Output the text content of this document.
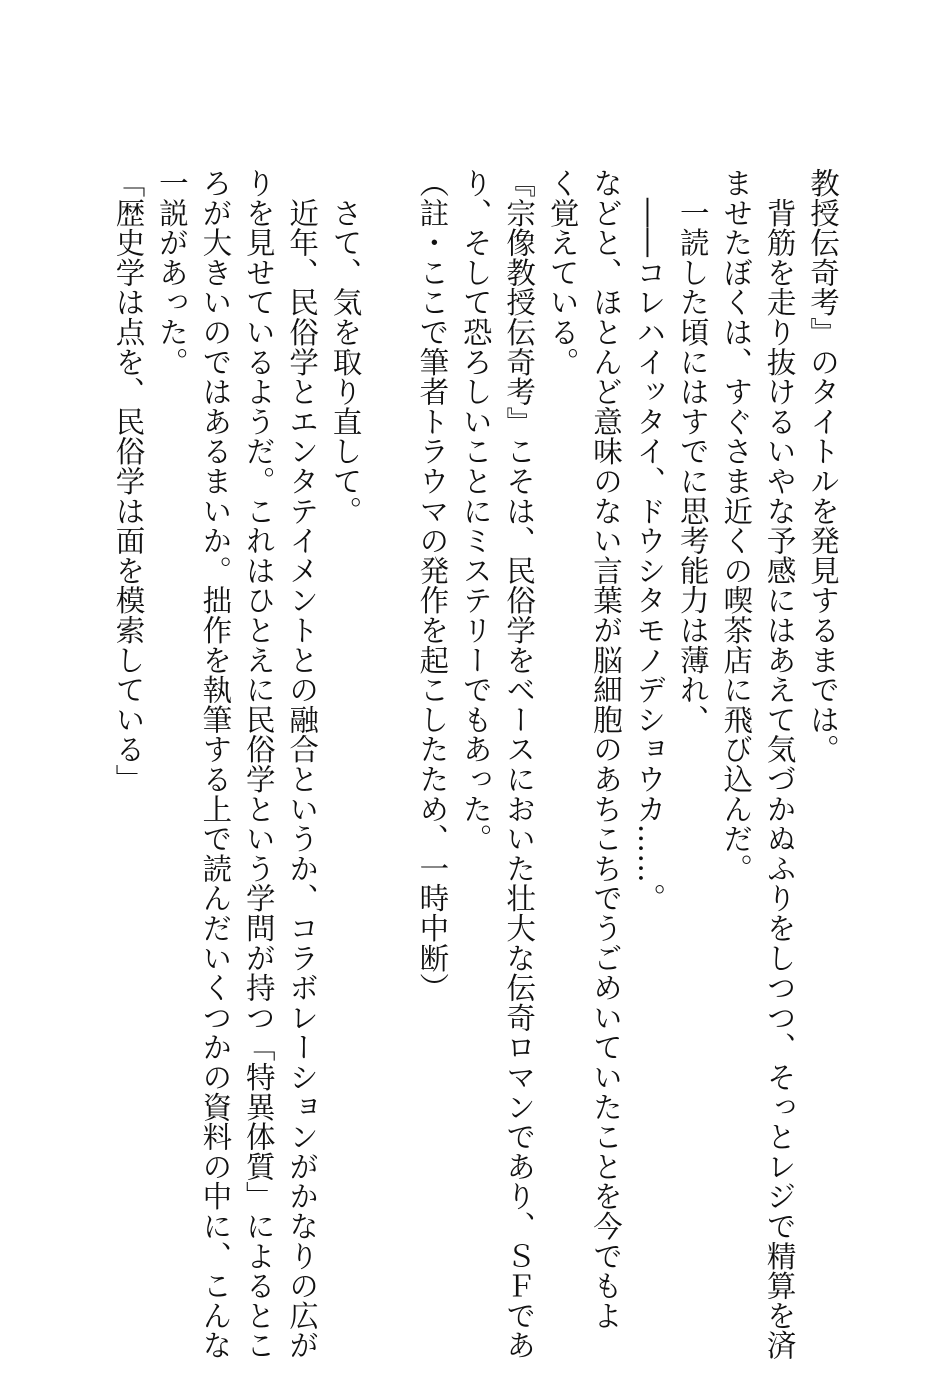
教授伝奇考』のタイトルを発見するまでは。
　背筋を走り抜けるいやな予感にはあえて気づかぬふりをしつつ、そっとレジで精算を済
ませたぼくは、すぐさま近くの喫茶店に飛び込んだ。
　一読した頃にはすでに思考能力は薄れ、
　――コレハイッタイ、ドウシタモノデショウカ……。
などと、ほとんど意味のない言葉が脳細胞のあちこちでうごめいていたことを今でもよ
く覚えている。
『宗像教授伝奇考』こそは、民俗学をベースにおいた壮大な伝奇ロマンであり、ＳＦであ
り、そして恐ろしいことにミステリーでもあった。
（註・ここで筆者トラウマの発作を起こしたため、一時中断）

　さて、気を取り直して。
　近年、民俗学とエンタテイメントとの融合というか、コラボレーションがかなりの広が
りを見せているようだ。これはひとえに民俗学という学問が持つ「特異体質」によるとこ
ろが大きいのではあるまいか。拙作を執筆する上で読んだいくつかの資料の中に、こんな
一説があった。
「歴史学は点を、民俗学は面を模索している」
